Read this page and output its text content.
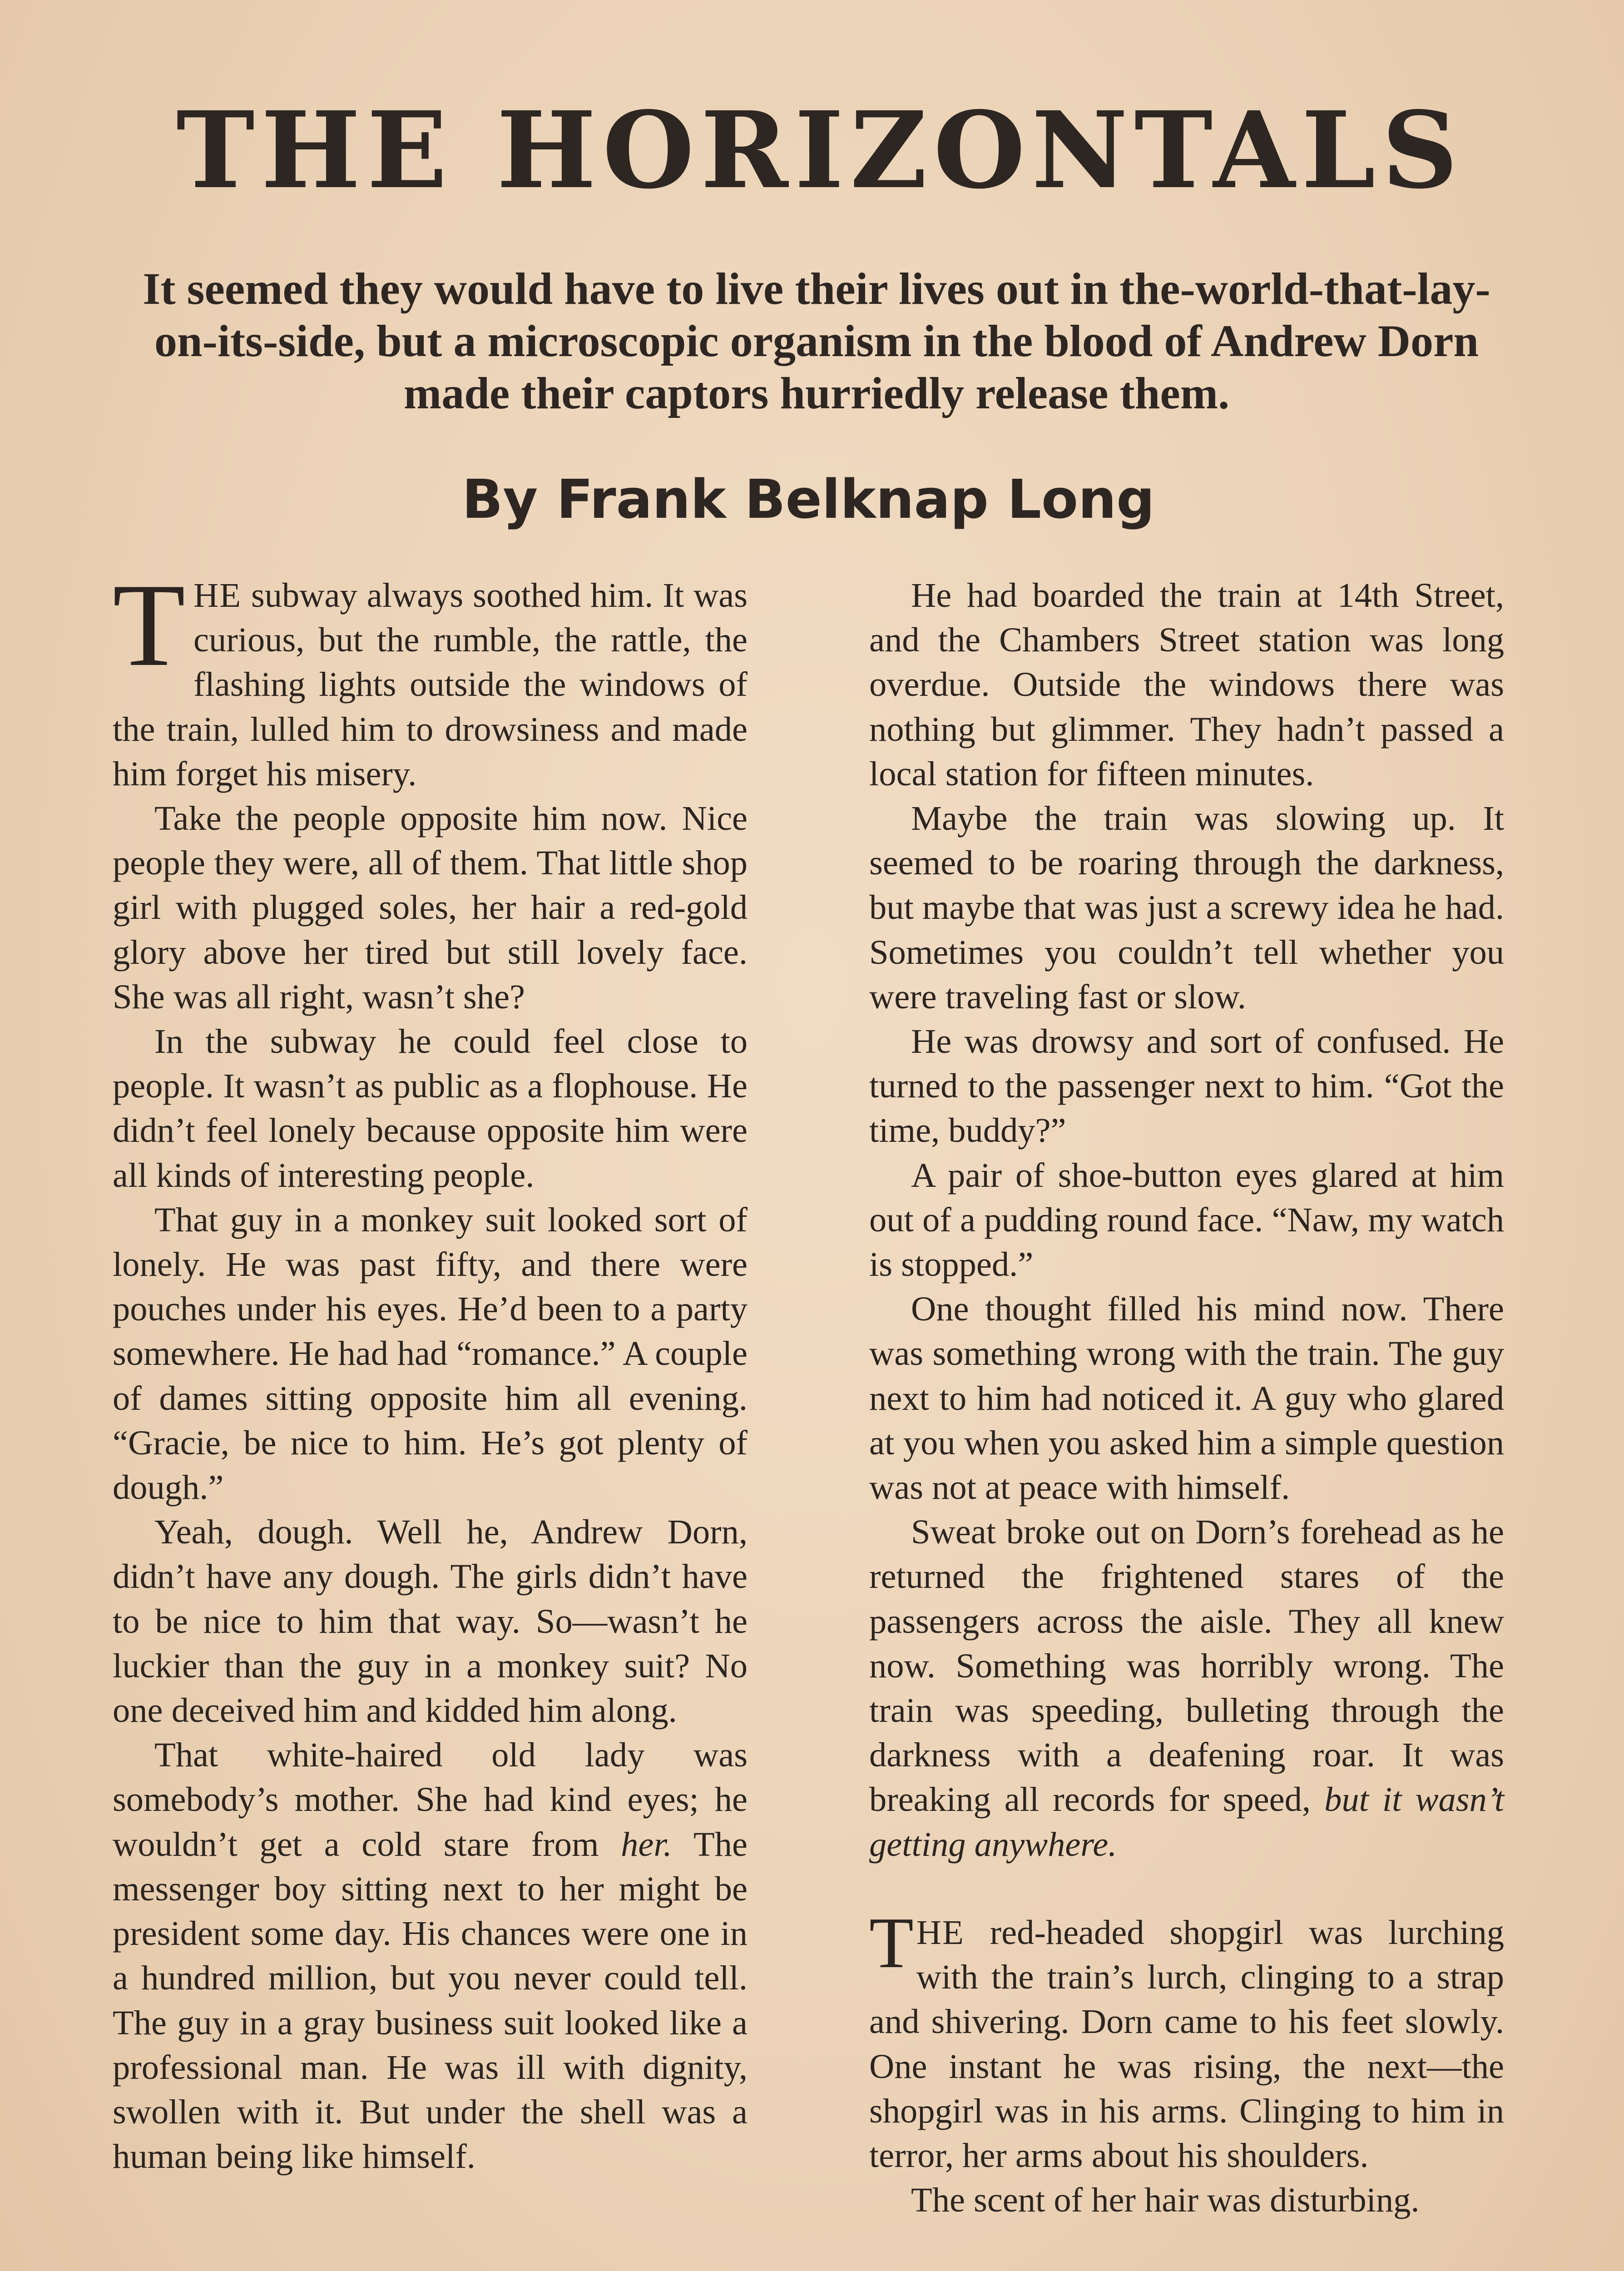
THE HORIZONTALS

It seemed they would have to live their lives out in the-world-that-lay-on-its-side, but a microscopic organism in the blood of Andrew Dorn made their captors hurriedly release them.

By Frank Belknap Long

THE subway always soothed him. It was curious, but the rumble, the rattle, the flashing lights outside the windows of the train, lulled him to drowsiness and made him forget his misery.

Take the people opposite him now. Nice people they were, all of them. That little shop girl with plugged soles, her hair a red-gold glory above her tired but still lovely face. She was all right, wasn’t she?

In the subway he could feel close to people. It wasn’t as public as a flophouse. He didn’t feel lonely because opposite him were all kinds of interesting people.

That guy in a monkey suit looked sort of lonely. He was past fifty, and there were pouches under his eyes. He’d been to a party somewhere. He had had “romance.” A couple of dames sitting opposite him all evening. “Gracie, be nice to him. He’s got plenty of dough.”

Yeah, dough. Well he, Andrew Dorn, didn’t have any dough. The girls didn’t have to be nice to him that way. So—wasn’t he luckier than the guy in a monkey suit? No one deceived him and kidded him along.

That white-haired old lady was somebody’s mother. She had kind eyes; he wouldn’t get a cold stare from her. The messenger boy sitting next to her might be president some day. His chances were one in a hundred million, but you never could tell. The guy in a gray business suit looked like a professional man. He was ill with dignity, swollen with it. But under the shell was a human being like himself.

He had boarded the train at 14th Street, and the Chambers Street station was long overdue. Outside the windows there was nothing but glimmer. They hadn’t passed a local station for fifteen minutes.

Maybe the train was slowing up. It seemed to be roaring through the darkness, but maybe that was just a screwy idea he had. Sometimes you couldn’t tell whether you were traveling fast or slow.

He was drowsy and sort of confused. He turned to the passenger next to him. “Got the time, buddy?”

A pair of shoe-button eyes glared at him out of a pudding round face. “Naw, my watch is stopped.”

One thought filled his mind now. There was something wrong with the train. The guy next to him had noticed it. A guy who glared at you when you asked him a simple question was not at peace with himself.

Sweat broke out on Dorn’s forehead as he returned the frightened stares of the passengers across the aisle. They all knew now. Something was horribly wrong. The train was speeding, bulleting through the darkness with a deafening roar. It was breaking all records for speed, but it wasn’t getting anywhere.

THE red-headed shopgirl was lurching with the train’s lurch, clinging to a strap and shivering. Dorn came to his feet slowly. One instant he was rising, the next—the shopgirl was in his arms. Clinging to him in terror, her arms about his shoulders.

The scent of her hair was disturbing.
